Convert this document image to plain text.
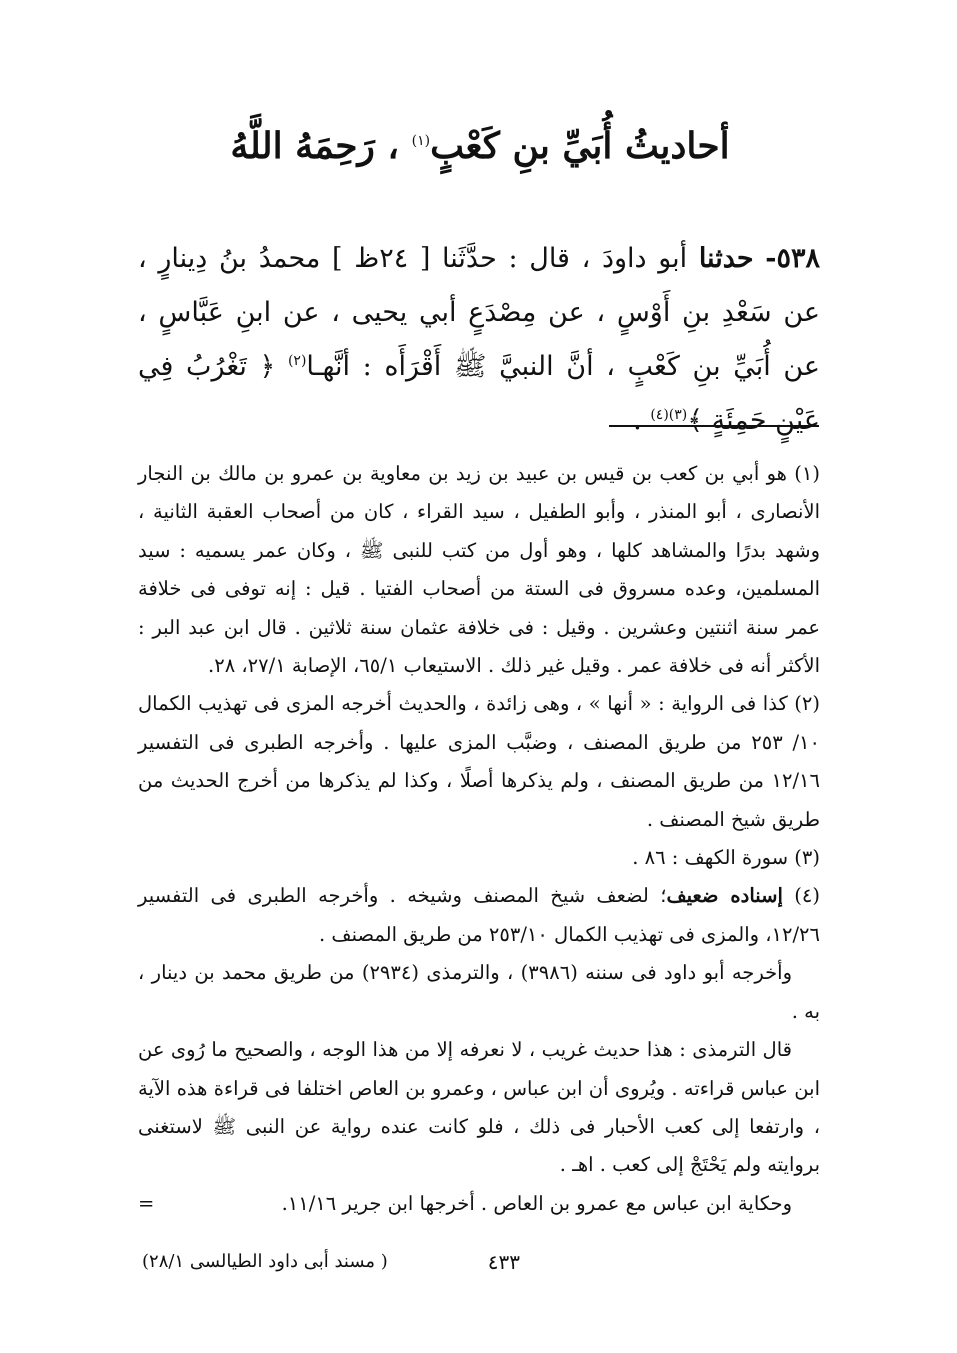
أحاديثُ أُبَيِّ بنِ كَعْبٍ$^{(١)}$ ، رَحِمَهُ اللَّهُ
٥٣٨- حدثنا أبو داودَ ، قال : حدَّثَنا [ ٢٤ظ ] محمدُ بنُ دِينارٍ ، عن سَعْدِ بنِ أَوْسٍ ، عن مِصْدَعٍ أبي يحيى ، عن ابنِ عَبَّاسٍ ، عن أُبَيِّ بنِ كَعْبٍ ، أنَّ النبيَّ ﷺ أَقْرَأَه : أنَّهـا$^{(٢)}$ ﴿ تَغْرُبُ فِي عَيْنٍ حَمِئَةٍ ﴾$^{(٣)(٤)}$ .

(١) هو أبي بن كعب بن قيس بن عبيد بن زيد بن معاوية بن عمرو بن مالك بن النجار الأنصارى ، أبو المنذر ، وأبو الطفيل ، سيد القراء ، كان من أصحاب العقبة الثانية ، وشهد بدرًا والمشاهد كلها ، وهو أول من كتب للنبى ﷺ ، وكان عمر يسميه : سيد المسلمين، وعده مسروق فى الستة من أصحاب الفتيا . قيل : إنه توفى فى خلافة عمر سنة اثنتين وعشرين . وقيل : فى خلافة عثمان سنة ثلاثين . قال ابن عبد البر : الأكثر أنه فى خلافة عمر . وقيل غير ذلك . الاستيعاب ٦٥/١، الإصابة ٢٧/١، ٢٨.

(٢) كذا فى الرواية : « أنها » ، وهى زائدة ، والحديث أخرجه المزى فى تهذيب الكمال ١٠/ ٢٥٣ من طريق المصنف ، وضبَّب المزى عليها . وأخرجه الطبرى فى التفسير ١٢/١٦ من طريق المصنف ، ولم يذكرها أصلًا ، وكذا لم يذكرها من أخرج الحديث من طريق شيخ المصنف .

(٣) سورة الكهف : ٨٦ .

(٤) إسناده ضعيف؛ لضعف شيخ المصنف وشيخه . وأخرجه الطبرى فى التفسير ١٢/٢٦، والمزى فى تهذيب الكمال ٢٥٣/١٠ من طريق المصنف .

وأخرجه أبو داود فى سننه (٣٩٨٦) ، والترمذى (٢٩٣٤) من طريق محمد بن دينار ، به .

قال الترمذى : هذا حديث غريب ، لا نعرفه إلا من هذا الوجه ، والصحيح ما رُوى عن ابن عباس قراءته . ويُروى أن ابن عباس ، وعمرو بن العاص اختلفا فى قراءة هذه الآية ، وارتفعا إلى كعب الأحبار فى ذلك ، فلو كانت عنده رواية عن النبى ﷺ لاستغنى بروايته ولم يَحْتَجْ إلى كعب . اهـ .

وحكاية ابن عباس مع عمرو بن العاص . أخرجها ابن جرير ١١/١٦.
=

٤٣٣
( مسند أبى داود الطيالسى ٢٨/١)
